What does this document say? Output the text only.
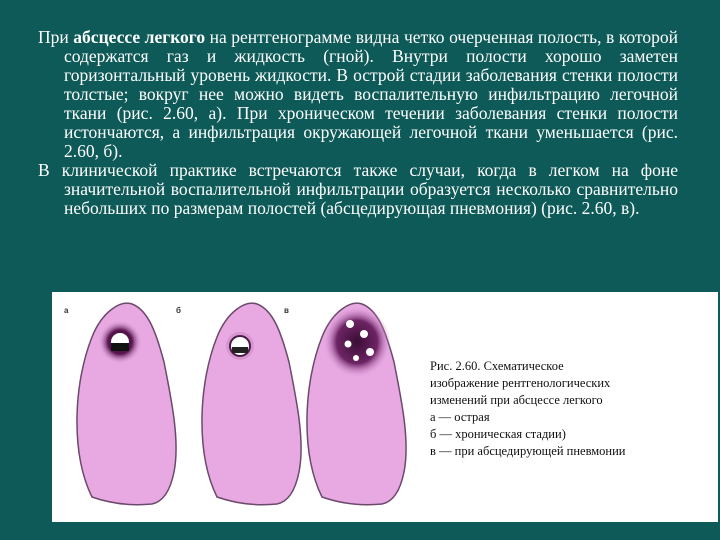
При абсцессе легкого на рентгенограмме видна четко очерченная полость, в которой содержатся газ и жидкость (гной). Внутри полости хорошо заметен горизонтальный уровень жидкости. В острой стадии заболевания стенки полости толстые; вокруг нее можно видеть воспалительную инфильтрацию легочной ткани (рис. 2.60, а). При хроническом течении заболевания стенки полости истончаются, а инфильтрация окружающей легочной ткани уменьшается (рис. 2.60, б).

В клинической практике встречаются также случаи, когда в легком на фоне значительной воспалительной инфильтрации образуется несколько сравнительно небольших по размерам полостей (абсцедирующая пневмония) (рис. 2.60, в).

а	б	в
Рис. 2.60. Схематическое
изображение рентгенологических
изменений при абсцессе легкого
а — острая
б — хроническая стадии)
в — при абсцедирующей пневмонии
